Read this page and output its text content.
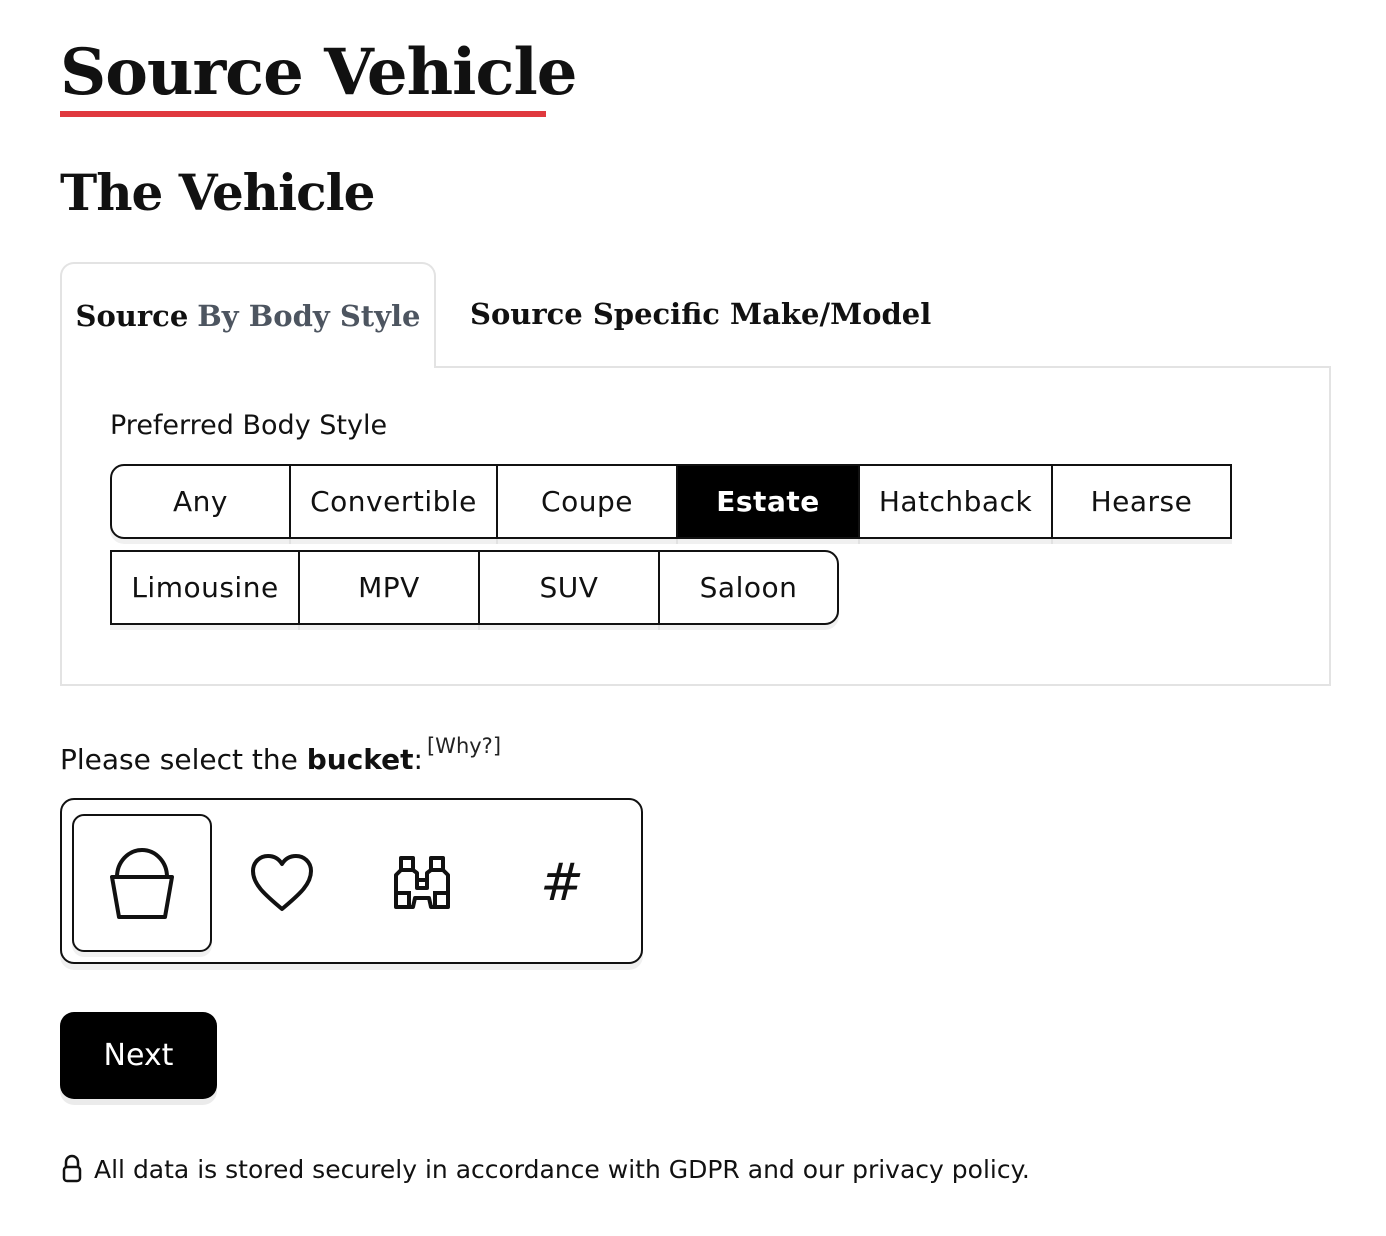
Source Vehicle
The Vehicle
Source By Body Style Source Specific Make/Model
Preferred Body Style
Any	Convertible	Coupe	Estate	Hatchback	Hearse
Limousine	MPV	SUV	Saloon
Please select the bucket: [Why?]
#
Next
All data is stored securely in accordance with GDPR and our privacy policy.
